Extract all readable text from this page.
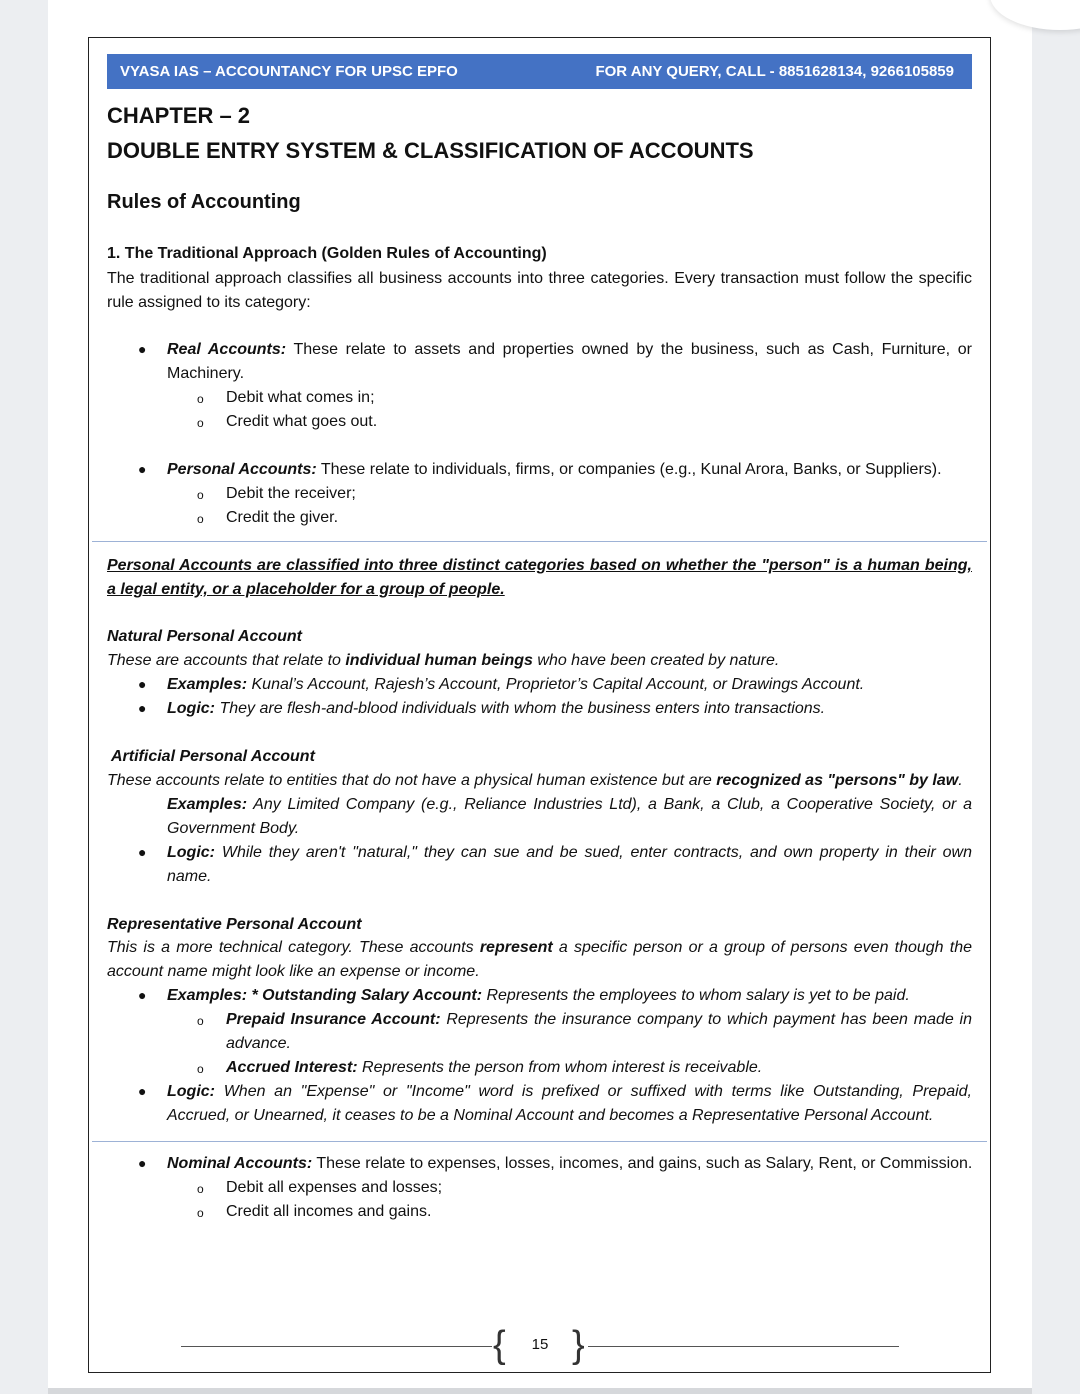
VYASA IAS – ACCOUNTANCY FOR UPSC EPFO	FOR ANY QUERY, CALL - 8851628134, 9266105859
CHAPTER – 2
DOUBLE ENTRY SYSTEM & CLASSIFICATION OF ACCOUNTS
Rules of Accounting
1. The Traditional Approach (Golden Rules of Accounting)
The traditional approach classifies all business accounts into three categories. Every transaction must follow the specific rule assigned to its category:
● Real Accounts: These relate to assets and properties owned by the business, such as Cash, Furniture, or Machinery.
o Debit what comes in;
o Credit what goes out.
● Personal Accounts: These relate to individuals, firms, or companies (e.g., Kunal Arora, Banks, or Suppliers).
o Debit the receiver;
o Credit the giver.
Personal Accounts are classified into three distinct categories based on whether the "person" is a human being, a legal entity, or a placeholder for a group of people.
Natural Personal Account
These are accounts that relate to individual human beings who have been created by nature.
● Examples: Kunal’s Account, Rajesh’s Account, Proprietor’s Capital Account, or Drawings Account.
● Logic: They are flesh-and-blood individuals with whom the business enters into transactions.
Artificial Personal Account
These accounts relate to entities that do not have a physical human existence but are recognized as "persons" by law.
Examples: Any Limited Company (e.g., Reliance Industries Ltd), a Bank, a Club, a Cooperative Society, or a Government Body.
● Logic: While they aren't "natural," they can sue and be sued, enter contracts, and own property in their own name.
Representative Personal Account
This is a more technical category. These accounts represent a specific person or a group of persons even though the account name might look like an expense or income.
● Examples: * Outstanding Salary Account: Represents the employees to whom salary is yet to be paid.
o Prepaid Insurance Account: Represents the insurance company to which payment has been made in advance.
o Accrued Interest: Represents the person from whom interest is receivable.
● Logic: When an "Expense" or "Income" word is prefixed or suffixed with terms like Outstanding, Prepaid, Accrued, or Unearned, it ceases to be a Nominal Account and becomes a Representative Personal Account.
● Nominal Accounts: These relate to expenses, losses, incomes, and gains, such as Salary, Rent, or Commission.
o Debit all expenses and losses;
o Credit all incomes and gains.
{	15 }
